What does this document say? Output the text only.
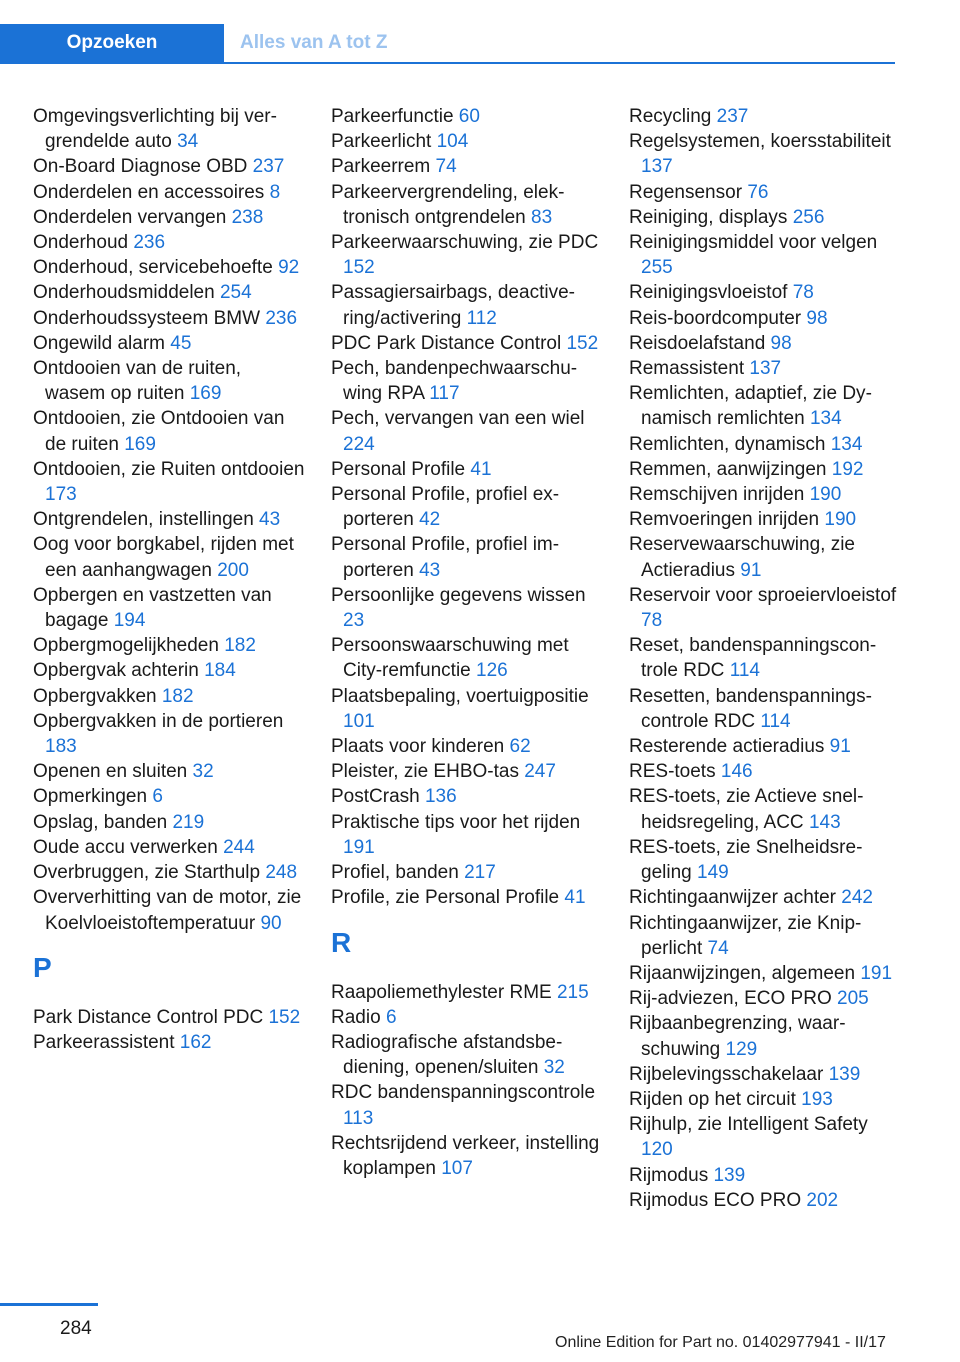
Opzoeken	Alles van A tot Z
Omgevingsverlichting bij vergrendelde auto 34
On-Board Diagnose OBD 237
Onderdelen en accessoires 8
Onderdelen vervangen 238
Onderhoud 236
Onderhoud, servicebehoefte 92
Onderhoudsmiddelen 254
Onderhoudssysteem BMW 236
Ongewild alarm 45
Ontdooien van de ruiten, wasem op ruiten 169
Ontdooien, zie Ontdooien van de ruiten 169
Ontdooien, zie Ruiten ontdooien 173
Ontgrendelen, instellingen 43
Oog voor borgkabel, rijden met een aanhangwagen 200
Opbergen en vastzetten van bagage 194
Opbergmogelijkheden 182
Opbergvak achterin 184
Opbergvakken 182
Opbergvakken in de portieren 183
Openen en sluiten 32
Opmerkingen 6
Opslag, banden 219
Oude accu verwerken 244
Overbruggen, zie Starthulp 248
Oververhitting van de motor, zie Koelvloeistoftemperatuur 90
P
Park Distance Control PDC 152
Parkeerassistent 162
Parkeerfunctie 60
Parkeerlicht 104
Parkeerrem 74
Parkeervergrendeling, elektronisch ontgrendelen 83
Parkeerwaarschuwing, zie PDC 152
Passagiersairbags, deactivering/activering 112
PDC Park Distance Control 152
Pech, bandenpechwaarschuwing RPA 117
Pech, vervangen van een wiel 224
Personal Profile 41
Personal Profile, profiel exporteren 42
Personal Profile, profiel importeren 43
Persoonlijke gegevens wissen 23
Persoonswaarschuwing met City-remfunctie 126
Plaatsbepaling, voertuigpositie 101
Plaats voor kinderen 62
Pleister, zie EHBO-tas 247
PostCrash 136
Praktische tips voor het rijden 191
Profiel, banden 217
Profile, zie Personal Profile 41
R
Raapoliemethylester RME 215
Radio 6
Radiografische afstandsbediening, openen/sluiten 32
RDC bandenspanningscontrole 113
Rechtsrijdend verkeer, instelling koplampen 107
Recycling 237
Regelsystemen, koersstabiliteit 137
Regensensor 76
Reiniging, displays 256
Reinigingsmiddel voor velgen 255
Reinigingsvloeistof 78
Reis-boordcomputer 98
Reisdoelafstand 98
Remassistent 137
Remlichten, adaptief, zie Dynamisch remlichten 134
Remlichten, dynamisch 134
Remmen, aanwijzingen 192
Remschijven inrijden 190
Remvoeringen inrijden 190
Reservewaarschuwing, zie Actieradius 91
Reservoir voor sproeiervloeistof 78
Reset, bandenspanningscontrole RDC 114
Resetten, bandenspanningscontrole RDC 114
Resterende actieradius 91
RES-toets 146
RES-toets, zie Actieve snelheidsregeling, ACC 143
RES-toets, zie Snelheidsregeling 149
Richtingaanwijzer achter 242
Richtingaanwijzer, zie Knipperlicht 74
Rijaanwijzingen, algemeen 191
Rij-adviezen, ECO PRO 205
Rijbaanbegrenzing, waarschuwing 129
Rijbelevingsschakelaar 139
Rijden op het circuit 193
Rijhulp, zie Intelligent Safety 120
Rijmodus 139
Rijmodus ECO PRO 202
284
Online Edition for Part no. 01402977941 - II/17
